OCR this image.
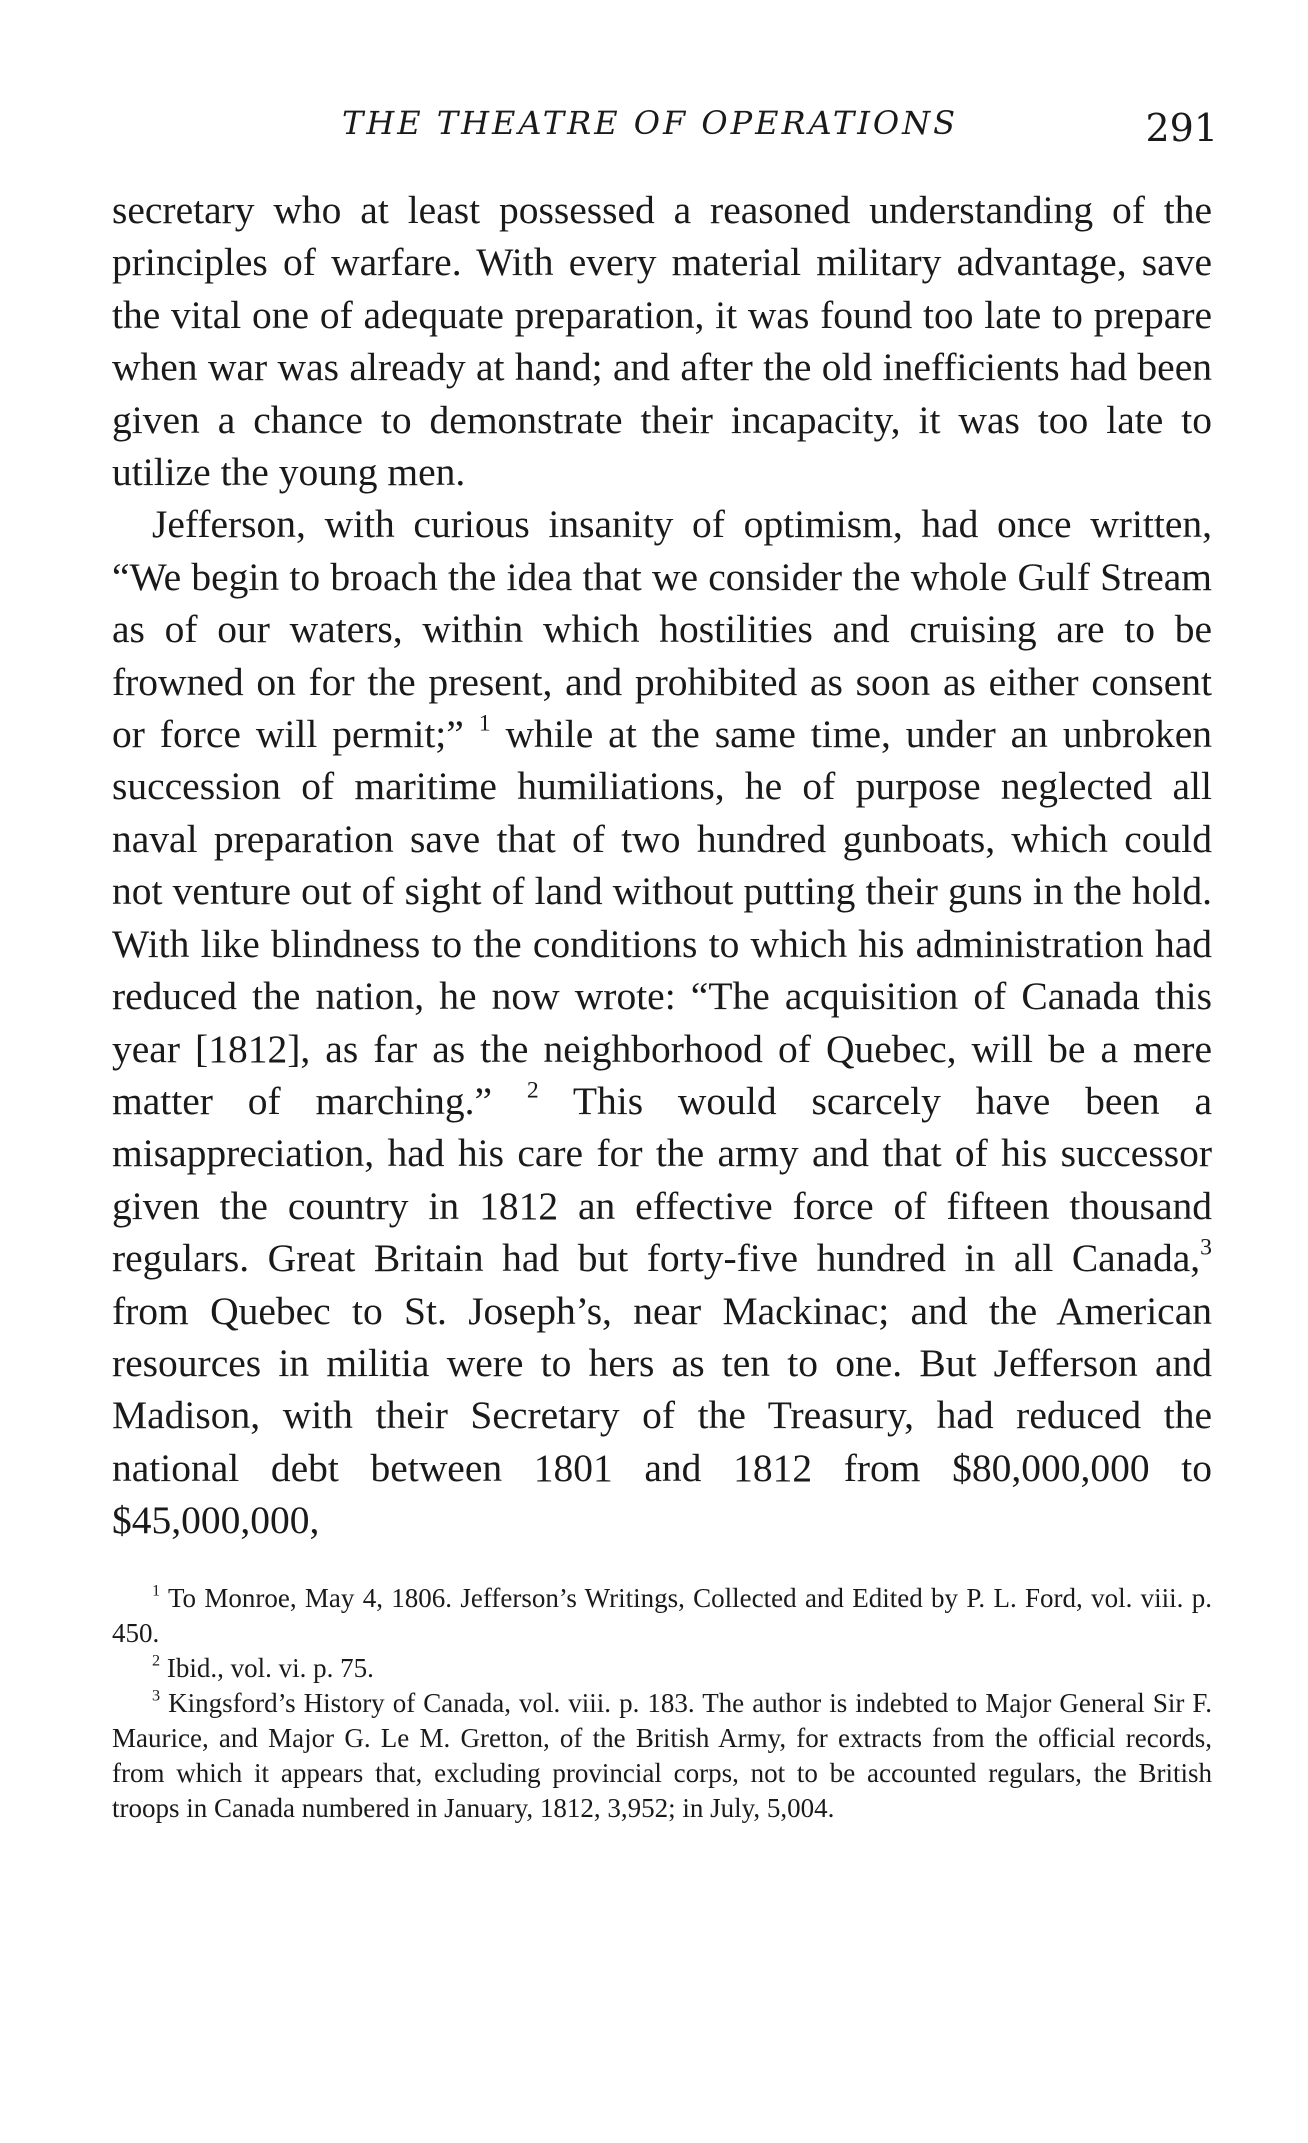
THE THEATRE OF OPERATIONS	291

secretary who at least possessed a reasoned understanding of the principles of warfare. With every material military advantage, save the vital one of adequate preparation, it was found too late to prepare when war was already at hand; and after the old inefficients had been given a chance to demonstrate their incapacity, it was too late to utilize the young men.

Jefferson, with curious insanity of optimism, had once written, “We begin to broach the idea that we consider the whole Gulf Stream as of our waters, within which hostilities and cruising are to be frowned on for the present, and prohibited as soon as either consent or force will permit;” $^1$ while at the same time, under an unbroken succession of maritime humiliations, he of purpose neglected all naval preparation save that of two hundred gunboats, which could not venture out of sight of land without putting their guns in the hold. With like blindness to the conditions to which his administration had reduced the nation, he now wrote: “The acquisition of Canada this year [1812], as far as the neighborhood of Quebec, will be a mere matter of marching.” $^2$ This would scarcely have been a misappreciation, had his care for the army and that of his successor given the country in 1812 an effective force of fifteen thousand regulars. Great Britain had but forty-five hundred in all Canada,$^3$ from Quebec to St. Joseph’s, near Mackinac; and the American resources in militia were to hers as ten to one. But Jefferson and Madison, with their Secretary of the Treasury, had reduced the national debt between 1801 and 1812 from $80,000,000 to $45,000,000,

$^1$ To Monroe, May 4, 1806. Jefferson’s Writings, Collected and Edited by P. L. Ford, vol. viii. p. 450.

$^2$ Ibid., vol. vi. p. 75.

$^3$ Kingsford’s History of Canada, vol. viii. p. 183. The author is indebted to Major General Sir F. Maurice, and Major G. Le M. Gretton, of the British Army, for extracts from the official records, from which it appears that, excluding provincial corps, not to be accounted regulars, the British troops in Canada numbered in January, 1812, 3,952; in July, 5,004.
